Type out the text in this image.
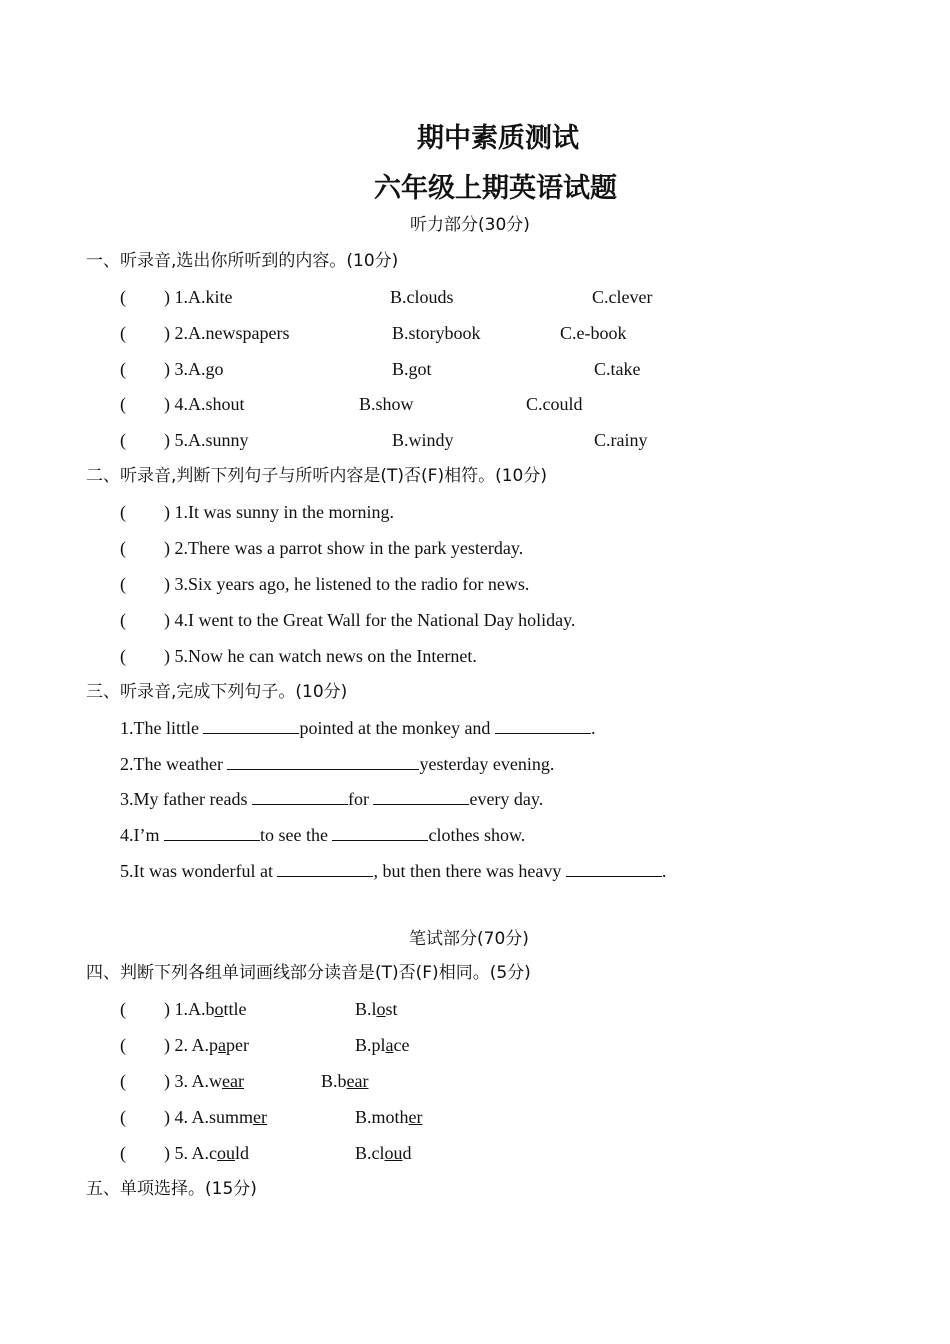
期中素质测试
六年级上期英语试题
听力部分(30分)
一、听录音,选出你所听到的内容。(10分)
( ) 1.A.kite	B.clouds	C.clever
( ) 2.A.newspapers	B.storybook	C.e-book
( ) 3.A.go	B.got	C.take
( ) 4.A.shout	B.show	C.could
( ) 5.A.sunny	B.windy	C.rainy
二、听录音,判断下列句子与所听内容是(T)否(F)相符。(10分)
( ) 1.It was sunny in the morning.
( ) 2.There was a parrot show in the park yesterday.
( ) 3.Six years ago, he listened to the radio for news.
( ) 4.I went to the Great Wall for the National Day holiday.
( ) 5.Now he can watch news on the Internet.
三、听录音,完成下列句子。(10分)
1.The little	pointed at the monkey and	.
2.The weather	yesterday evening.
3.My father reads	for	every day.
4.I’m	to see the	clothes show.
5.It was wonderful at	, but then there was heavy	.
笔试部分(70分)
四、判断下列各组单词画线部分读音是(T)否(F)相同。(5分)
( ) 1.A.bottle	B.lost
( ) 2. A.paper	B.place
( ) 3. A.wear	B.bear
( ) 4. A.summer	B.mother
( ) 5. A.could	B.cloud
五、单项选择。(15分)
